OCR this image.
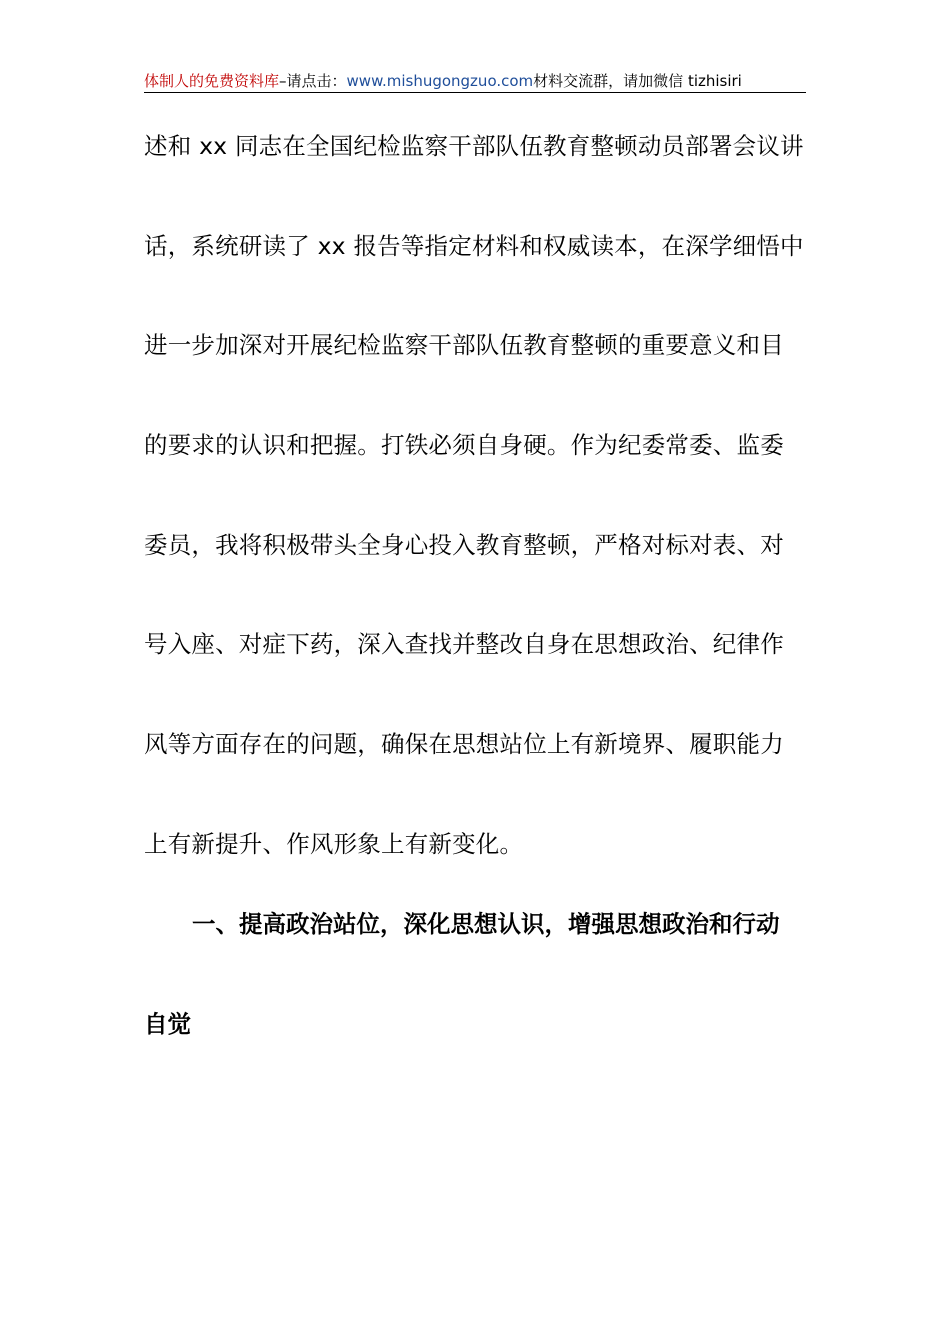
体制人的免费资料库–请点击：www.mishugongzuo.com材料交流群，请加微信 tizhisiri
述和 xx 同志在全国纪检监察干部队伍教育整顿动员部署会议讲
话，系统研读了 xx 报告等指定材料和权威读本，在深学细悟中
进一步加深对开展纪检监察干部队伍教育整顿的重要意义和目
的要求的认识和把握。打铁必须自身硬。作为纪委常委、监委
委员，我将积极带头全身心投入教育整顿，严格对标对表、对
号入座、对症下药，深入查找并整改自身在思想政治、纪律作
风等方面存在的问题，确保在思想站位上有新境界、履职能力
上有新提升、作风形象上有新变化。
一、提高政治站位，深化思想认识，增强思想政治和行动
自觉
